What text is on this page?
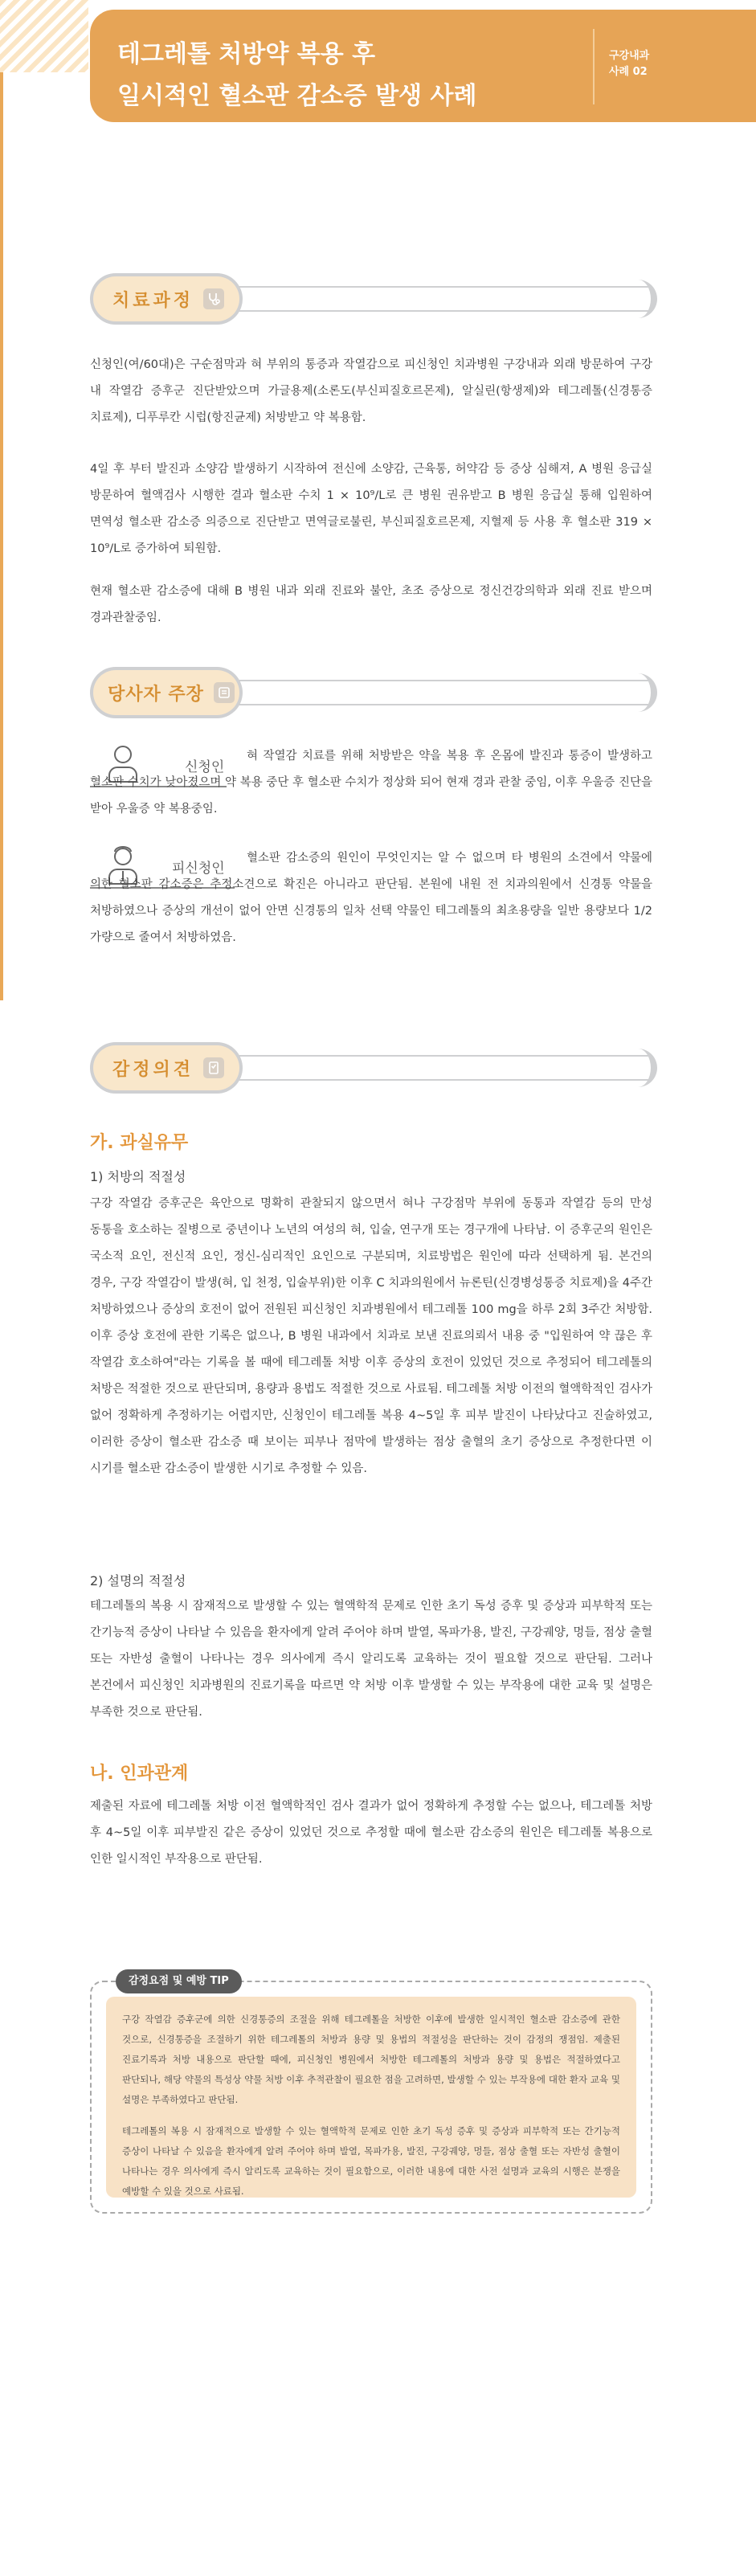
테그레톨 처방약 복용 후
일시적인 혈소판 감소증 발생 사례
구강내과
사례 02
치료과정
신청인(여/60대)은 구순점막과 혀 부위의 통증과 작열감으로 피신청인 치과병원 구강내과 외래 방문하여 구강 내 작열감 증후군 진단받았으며 가글용제(소론도(부신피질호르몬제), 알실린(항생제)와 테그레톨(신경통증 치료제), 디푸루칸 시럽(항진균제) 처방받고 약 복용함.
4일 후 부터 발진과 소양감 발생하기 시작하여 전신에 소양감, 근육통, 허약감 등 증상 심해져, A 병원 응급실 방문하여 혈액검사 시행한 결과 혈소판 수치 1 × 10⁹/L로 큰 병원 권유받고 B 병원 응급실 통해 입원하여 면역성 혈소판 감소증 의증으로 진단받고 면역글로불린, 부신피질호르몬제, 지혈제 등 사용 후 혈소판 319 × 10⁹/L로 증가하여 퇴원함.
현재 혈소판 감소증에 대해 B 병원 내과 외래 진료와 불안, 초조 증상으로 정신건강의학과 외래 진료 받으며 경과관찰중임.
당사자 주장
신청인
혀 작열감 치료를 위해 처방받은 약을 복용 후 온몸에 발진과 통증이 발생하고 혈소판 수치가 낮아졌으며 약 복용 중단 후 혈소판 수치가 정상화 되어 현재 경과 관찰 중임, 이후 우울증 진단을 받아 우울증 약 복용중임.
피신청인
혈소판 감소증의 원인이 무엇인지는 알 수 없으며 타 병원의 소견에서 약물에 의한 혈소판 감소증은 추정소견으로 확진은 아니라고 판단됨. 본원에 내원 전 치과의원에서 신경통 약물을 처방하였으나 증상의 개선이 없어 안면 신경통의 일차 선택 약물인 테그레톨의 최초용량을 일반 용량보다 1/2 가량으로 줄여서 처방하였음.
감정의견
가. 과실유무
1) 처방의 적절성
구강 작열감 증후군은 육안으로 명확히 관찰되지 않으면서 혀나 구강점막 부위에 동통과 작열감 등의 만성 동통을 호소하는 질병으로 중년이나 노년의 여성의 혀, 입술, 연구개 또는 경구개에 나타남. 이 증후군의 원인은 국소적 요인, 전신적 요인, 정신-심리적인 요인으로 구분되며, 치료방법은 원인에 따라 선택하게 됨. 본건의 경우, 구강 작열감이 발생(혀, 입 천정, 입술부위)한 이후 C 치과의원에서 뉴론틴(신경병성통증 치료제)을 4주간 처방하였으나 증상의 호전이 없어 전원된 피신청인 치과병원에서 테그레톨 100 mg을 하루 2회 3주간 처방함. 이후 증상 호전에 관한 기록은 없으나, B 병원 내과에서 치과로 보낸 진료의뢰서 내용 중 "입원하여 약 끊은 후 작열감 호소하여"라는 기록을 볼 때에 테그레톨 처방 이후 증상의 호전이 있었던 것으로 추정되어 테그레톨의 처방은 적절한 것으로 판단되며, 용량과 용법도 적절한 것으로 사료됨. 테그레톨 처방 이전의 혈액학적인 검사가 없어 정확하게 추정하기는 어렵지만, 신청인이 테그레톨 복용 4~5일 후 피부 발진이 나타났다고 진술하였고, 이러한 증상이 혈소판 감소증 때 보이는 피부나 점막에 발생하는 점상 출혈의 초기 증상으로 추정한다면 이 시기를 혈소판 감소증이 발생한 시기로 추정할 수 있음.
2) 설명의 적절성
테그레톨의 복용 시 잠재적으로 발생할 수 있는 혈액학적 문제로 인한 초기 독성 증후 및 증상과 피부학적 또는 간기능적 증상이 나타날 수 있음을 환자에게 알려 주어야 하며 발열, 목파가용, 발진, 구강궤양, 멍들, 점상 출혈 또는 자반성 출혈이 나타나는 경우 의사에게 즉시 알리도록 교육하는 것이 필요할 것으로 판단됨. 그러나 본건에서 피신청인 치과병원의 진료기록을 따르면 약 처방 이후 발생할 수 있는 부작용에 대한 교육 및 설명은 부족한 것으로 판단됨.
나. 인과관계
제출된 자료에 테그레톨 처방 이전 혈액학적인 검사 결과가 없어 정확하게 추정할 수는 없으나, 테그레톨 처방 후 4~5일 이후 피부발진 같은 증상이 있었던 것으로 추정할 때에 혈소판 감소증의 원인은 테그레톨 복용으로 인한 일시적인 부작용으로 판단됨.
감정요점 및 예방 TIP

구강 작열감 증후군에 의한 신경통증의 조절을 위해 테그레톨을 처방한 이후에 발생한 일시적인 혈소판 감소증에 관한 것으로, 신경통증을 조절하기 위한 테그레톨의 처방과 용량 및 용법의 적절성을 판단하는 것이 감정의 쟁점임. 제출된 진료기록과 처방 내용으로 판단할 때에, 피신청인 병원에서 처방한 테그레톨의 처방과 용량 및 용법은 적절하였다고 판단되나, 해당 약물의 특성상 약물 처방 이후 추적관찰이 필요한 점을 고려하면, 발생할 수 있는 부작용에 대한 환자 교육 및 설명은 부족하였다고 판단됨.

테그레톨의 복용 시 잠재적으로 발생할 수 있는 혈액학적 문제로 인한 초기 독성 증후 및 증상과 피부학적 또는 간기능적 증상이 나타날 수 있음을 환자에게 알려 주어야 하며 발열, 목파가용, 발진, 구강궤양, 멍들, 점상 출혈 또는 자반성 출혈이 나타나는 경우 의사에게 즉시 알리도록 교육하는 것이 필요함으로, 이러한 내용에 대한 사전 설명과 교육의 시행은 분쟁을 예방할 수 있을 것으로 사료됨.
